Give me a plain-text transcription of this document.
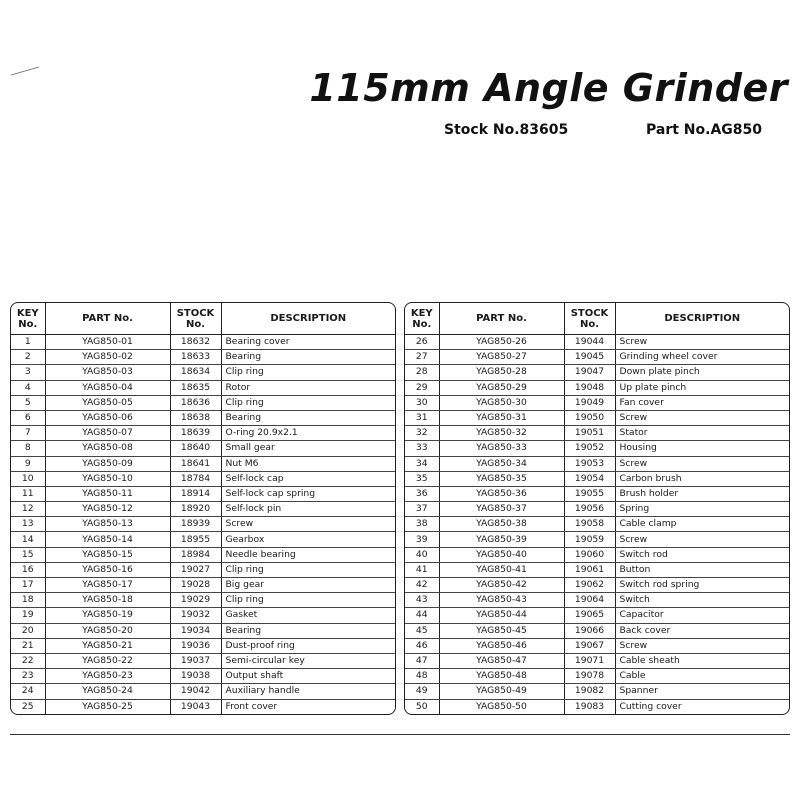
115mm Angle Grinder
Stock No.83605	Part No.AG850
KEY No.	PART No.	STOCK No.	DESCRIPTION
1	YAG850-01	18632	Bearing cover
2	YAG850-02	18633	Bearing
3	YAG850-03	18634	Clip ring
4	YAG850-04	18635	Rotor
5	YAG850-05	18636	Clip ring
6	YAG850-06	18638	Bearing
7	YAG850-07	18639	O-ring 20.9x2.1
8	YAG850-08	18640	Small gear
9	YAG850-09	18641	Nut M6
10	YAG850-10	18784	Self-lock cap
11	YAG850-11	18914	Self-lock cap spring
12	YAG850-12	18920	Self-lock pin
13	YAG850-13	18939	Screw
14	YAG850-14	18955	Gearbox
15	YAG850-15	18984	Needle bearing
16	YAG850-16	19027	Clip ring
17	YAG850-17	19028	Big gear
18	YAG850-18	19029	Clip ring
19	YAG850-19	19032	Gasket
20	YAG850-20	19034	Bearing
21	YAG850-21	19036	Dust-proof ring
22	YAG850-22	19037	Semi-circular key
23	YAG850-23	19038	Output shaft
24	YAG850-24	19042	Auxiliary handle
25	YAG850-25	19043	Front cover
KEY No.	PART No.	STOCK No.	DESCRIPTION
26	YAG850-26	19044	Screw
27	YAG850-27	19045	Grinding wheel cover
28	YAG850-28	19047	Down plate pinch
29	YAG850-29	19048	Up plate pinch
30	YAG850-30	19049	Fan cover
31	YAG850-31	19050	Screw
32	YAG850-32	19051	Stator
33	YAG850-33	19052	Housing
34	YAG850-34	19053	Screw
35	YAG850-35	19054	Carbon brush
36	YAG850-36	19055	Brush holder
37	YAG850-37	19056	Spring
38	YAG850-38	19058	Cable clamp
39	YAG850-39	19059	Screw
40	YAG850-40	19060	Switch rod
41	YAG850-41	19061	Button
42	YAG850-42	19062	Switch rod spring
43	YAG850-43	19064	Switch
44	YAG850-44	19065	Capacitor
45	YAG850-45	19066	Back cover
46	YAG850-46	19067	Screw
47	YAG850-47	19071	Cable sheath
48	YAG850-48	19078	Cable
49	YAG850-49	19082	Spanner
50	YAG850-50	19083	Cutting cover
